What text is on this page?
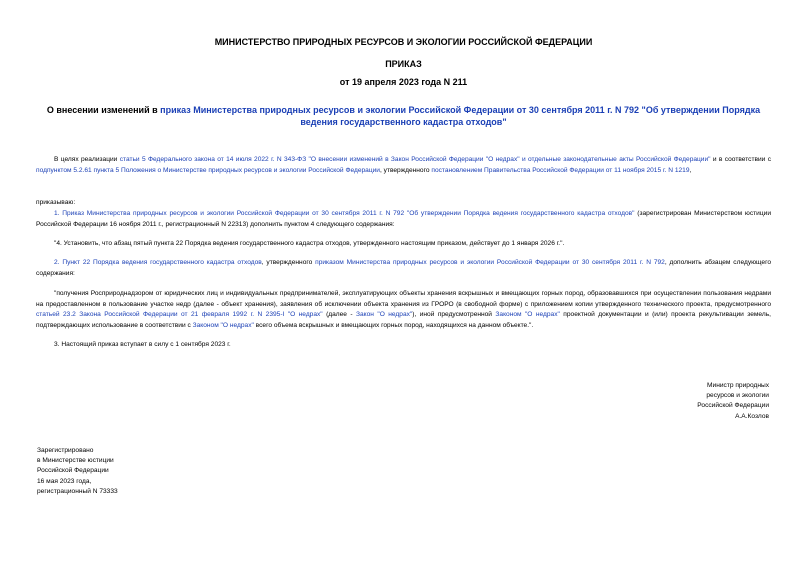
МИНИСТЕРСТВО ПРИРОДНЫХ РЕСУРСОВ И ЭКОЛОГИИ РОССИЙСКОЙ ФЕДЕРАЦИИ
ПРИКАЗ
от 19 апреля 2023 года N 211
О внесении изменений в приказ Министерства природных ресурсов и экологии Российской Федерации от 30 сентября 2011 г. N 792 "Об утверждении Порядка ведения государственного кадастра отходов"
В целях реализации статьи 5 Федерального закона от 14 июля 2022 г. N 343-ФЗ "О внесении изменений в Закон Российской Федерации "О недрах" и отдельные законодательные акты Российской Федерации" и в соответствии с подпунктом 5.2.61 пункта 5 Положения о Министерстве природных ресурсов и экологии Российской Федерации, утвержденного постановлением Правительства Российской Федерации от 11 ноября 2015 г. N 1219,
приказываю:
1. Приказ Министерства природных ресурсов и экологии Российской Федерации от 30 сентября 2011 г. N 792 "Об утверждении Порядка ведения государственного кадастра отходов" (зарегистрирован Министерством юстиции Российской Федерации 16 ноября 2011 г., регистрационный N 22313) дополнить пунктом 4 следующего содержания:
"4. Установить, что абзац пятый пункта 22 Порядка ведения государственного кадастра отходов, утвержденного настоящим приказом, действует до 1 января 2026 г.".
2. Пункт 22 Порядка ведения государственного кадастра отходов, утвержденного приказом Министерства природных ресурсов и экологии Российской Федерации от 30 сентября 2011 г. N 792, дополнить абзацем следующего содержания:
"получения Росприроднадзором от юридических лиц и индивидуальных предпринимателей, эксплуатирующих объекты хранения вскрышных и вмещающих горных пород, образовавшихся при осуществлении пользования недрами на предоставленном в пользование участке недр (далее - объект хранения), заявления об исключении объекта хранения из ГРОРО (в свободной форме) с приложением копии утвержденного технического проекта, предусмотренного статьей 23.2 Закона Российской Федерации от 21 февраля 1992 г. N 2395-I "О недрах" (далее - Закон "О недрах"), иной предусмотренной Законом "О недрах" проектной документации и (или) проекта рекультивации земель, подтверждающих использование в соответствии с Законом "О недрах" всего объема вскрышных и вмещающих горных пород, находящихся на данном объекте.".
3. Настоящий приказ вступает в силу с 1 сентября 2023 г.
Министр природных
ресурсов и экологии
Российской Федерации
А.А.Козлов
Зарегистрировано
в Министерстве юстиции
Российской Федерации
16 мая 2023 года,
регистрационный N 73333
